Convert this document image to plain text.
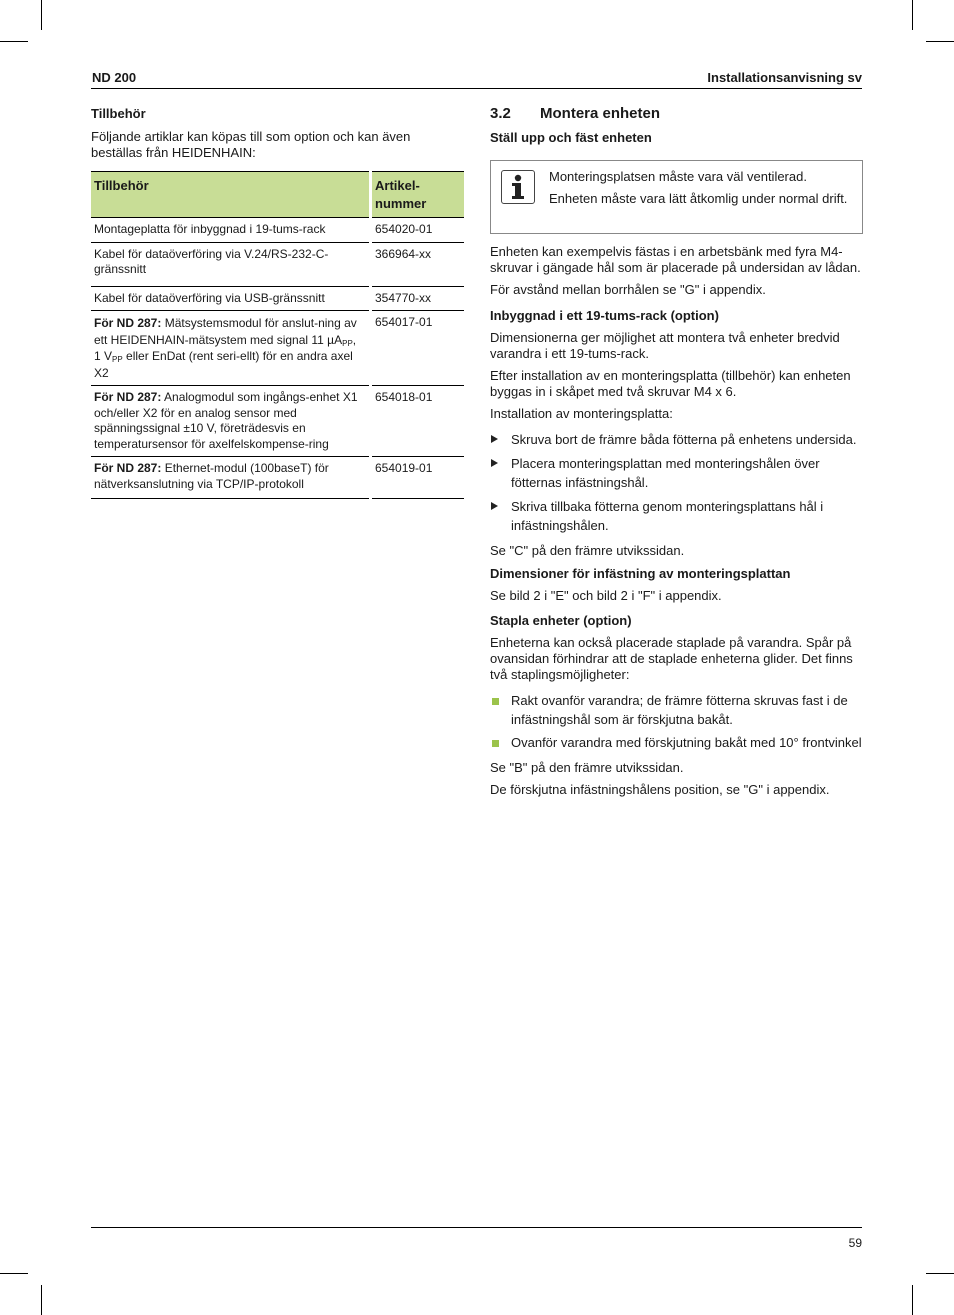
ND 200	Installationsanvisning sv

Tillbehör

Följande artiklar kan köpas till som option och kan även beställas från HEIDENHAIN:

Tillbehör	Artikel-
nummer
Montageplatta för inbyggnad i 19-tums-rack	654020-01
Kabel för dataöverföring via V.24/RS-232-C-gränssnitt	366964-xx
Kabel för dataöverföring via USB-gränssnitt	354770-xx
För ND 287: Mätsystemsmodul för anslut-ning av ett HEIDENHAIN-mätsystem med signal 11 µA$_{PP}$, 1 $V_{PP}$ eller EnDat (rent seri-ellt) för en andra axel X2	654017-01
För ND 287: Analogmodul som ingångs-enhet X1 och/eller X2 för en analog sensor med spänningssignal ±10 V, företrädesvis en temperatursensor för axelfelskompense-ring	654018-01
För ND 287: Ethernet-modul (100baseT) för nätverksanslutning via TCP/IP-protokoll	654019-01

3.2 Montera enheten

Ställ upp och fäst enheten

Monteringsplatsen måste vara väl ventilerad.

Enheten måste vara lätt åtkomlig under normal drift.

Enheten kan exempelvis fästas i en arbetsbänk med fyra M4-skruvar i gängade hål som är placerade på undersidan av lådan.

För avstånd mellan borrhålen se "G" i appendix.

Inbyggnad i ett 19-tums-rack (option)

Dimensionerna ger möjlighet att montera två enheter bredvid varandra i ett 19-tums-rack.

Efter installation av en monteringsplatta (tillbehör) kan enheten byggas in i skåpet med två skruvar M4 x 6.

Installation av monteringsplatta:

Skruva bort de främre båda fötterna på enhetens undersida.
Placera monteringsplattan med monteringshålen över fötternas infästningshål.
Skriva tillbaka fötterna genom monteringsplattans hål i infästningshålen.

Se "C" på den främre utvikssidan.

Dimensioner för infästning av monteringsplattan

Se bild 2 i "E" och bild 2 i "F" i appendix.

Stapla enheter (option)

Enheterna kan också placerade staplade på varandra. Spår på ovansidan förhindrar att de staplade enheterna glider. Det finns två staplingsmöjligheter:

Rakt ovanför varandra; de främre fötterna skruvas fast i de infästningshål som är förskjutna bakåt.
Ovanför varandra med förskjutning bakåt med 10° frontvinkel

Se "B" på den främre utvikssidan.

De förskjutna infästningshålens position, se "G" i appendix.

59
